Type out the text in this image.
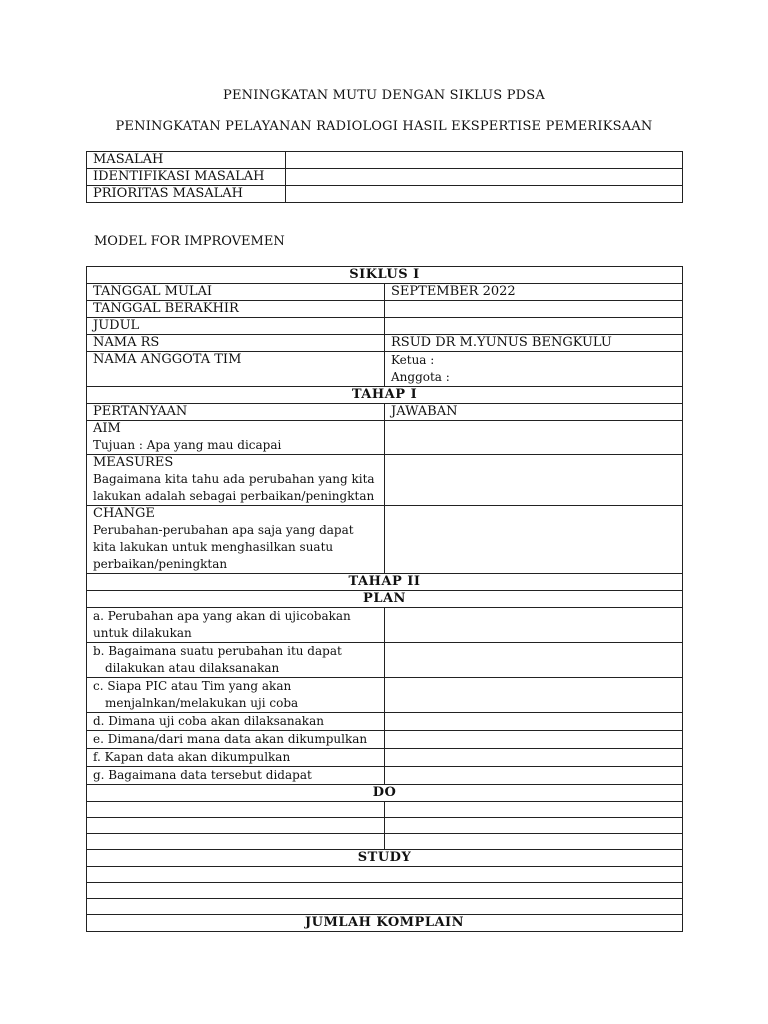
PENINGKATAN MUTU DENGAN SIKLUS PDSA
PENINGKATAN PELAYANAN RADIOLOGI HASIL EKSPERTISE PEMERIKSAAN
MASALAH	
IDENTIFIKASI MASALAH	
PRIORITAS MASALAH	
MODEL FOR IMPROVEMEN
SIKLUS I	
TANGGAL MULAI	SEPTEMBER 2022
TANGGAL BERAKHIR	
JUDUL	
NAMA RS	RSUD DR M.YUNUS BENGKULU
NAMA ANGGOTA TIM	Ketua :
Anggota :

TAHAP I	
PERTANYAAN	JAWABAN

AIM
Tujuan : Apa yang mau dicapai	

MEASURES
Bagaimana kita tahu ada perubahan yang kita
lakukan adalah sebagai perbaikan/peningktan	

CHANGE
Perubahan-perubahan apa saja yang dapat
kita lakukan untuk menghasilkan suatu
perbaikan/peningktan	

TAHAP II	
PLAN	

a. Perubahan apa yang akan di ujicobakan
untuk dilakukan	

b. Bagaimana suatu perubahan itu dapat
dilakukan atau dilaksanakan	

c. Siapa PIC atau Tim yang akan
menjalnkan/melakukan uji coba	

d. Dimana uji coba akan dilaksanakan	
e. Dimana/dari mana data akan dikumpulkan	
f. Kapan data akan dikumpulkan	
g. Bagaimana data tersebut didapat	
DO	

STUDY	

JUMLAH KOMPLAIN	
